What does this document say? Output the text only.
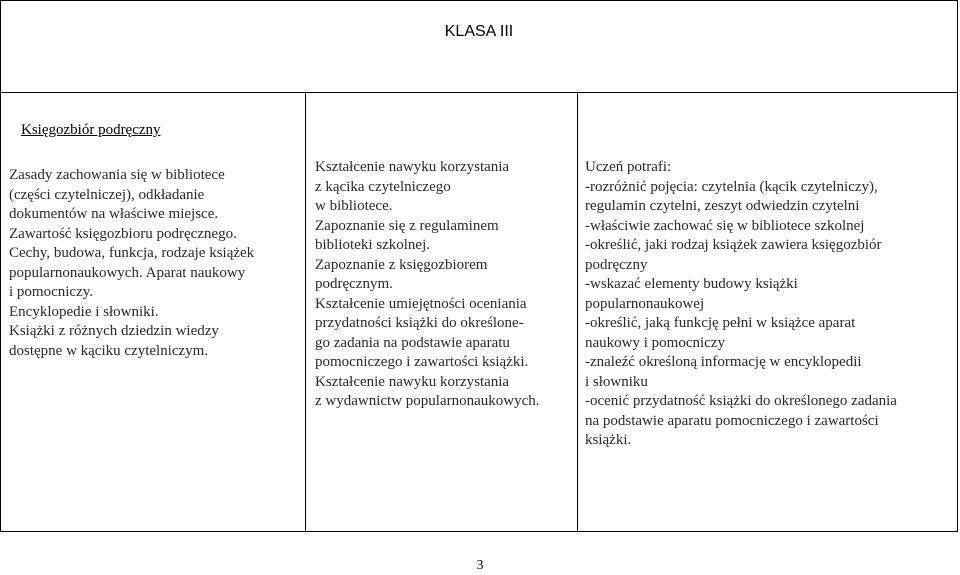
KLASA III
Księgozbiór podręczny
Zasady zachowania się w bibliotece
(części czytelniczej), odkładanie
dokumentów na właściwe miejsce.
Zawartość księgozbioru podręcznego.
Cechy, budowa, funkcja, rodzaje książek
popularnonaukowych. Aparat naukowy
i pomocniczy.
Encyklopedie i słowniki.
Książki z różnych dziedzin wiedzy
dostępne w kąciku czytelniczym.
Kształcenie nawyku korzystania
z kącika czytelniczego
w bibliotece.
Zapoznanie się z regulaminem
biblioteki szkolnej.
Zapoznanie z księgozbiorem
podręcznym.
Kształcenie umiejętności oceniania
przydatności książki do określone-
go zadania na podstawie aparatu
pomocniczego i zawartości książki.
Kształcenie nawyku korzystania
z wydawnictw popularnonaukowych.
Uczeń potrafi:
-rozróżnić pojęcia: czytelnia (kącik czytelniczy),
regulamin czytelni, zeszyt odwiedzin czytelni
-właściwie zachować się w bibliotece szkolnej
-określić, jaki rodzaj książek zawiera księgozbiór
podręczny
-wskazać elementy budowy książki
popularnonaukowej
-określić, jaką funkcję pełni w książce aparat
naukowy i pomocniczy
-znaleźć określoną informację w encyklopedii
i słowniku
-ocenić przydatność książki do określonego zadania
na podstawie aparatu pomocniczego i zawartości
książki.
3
